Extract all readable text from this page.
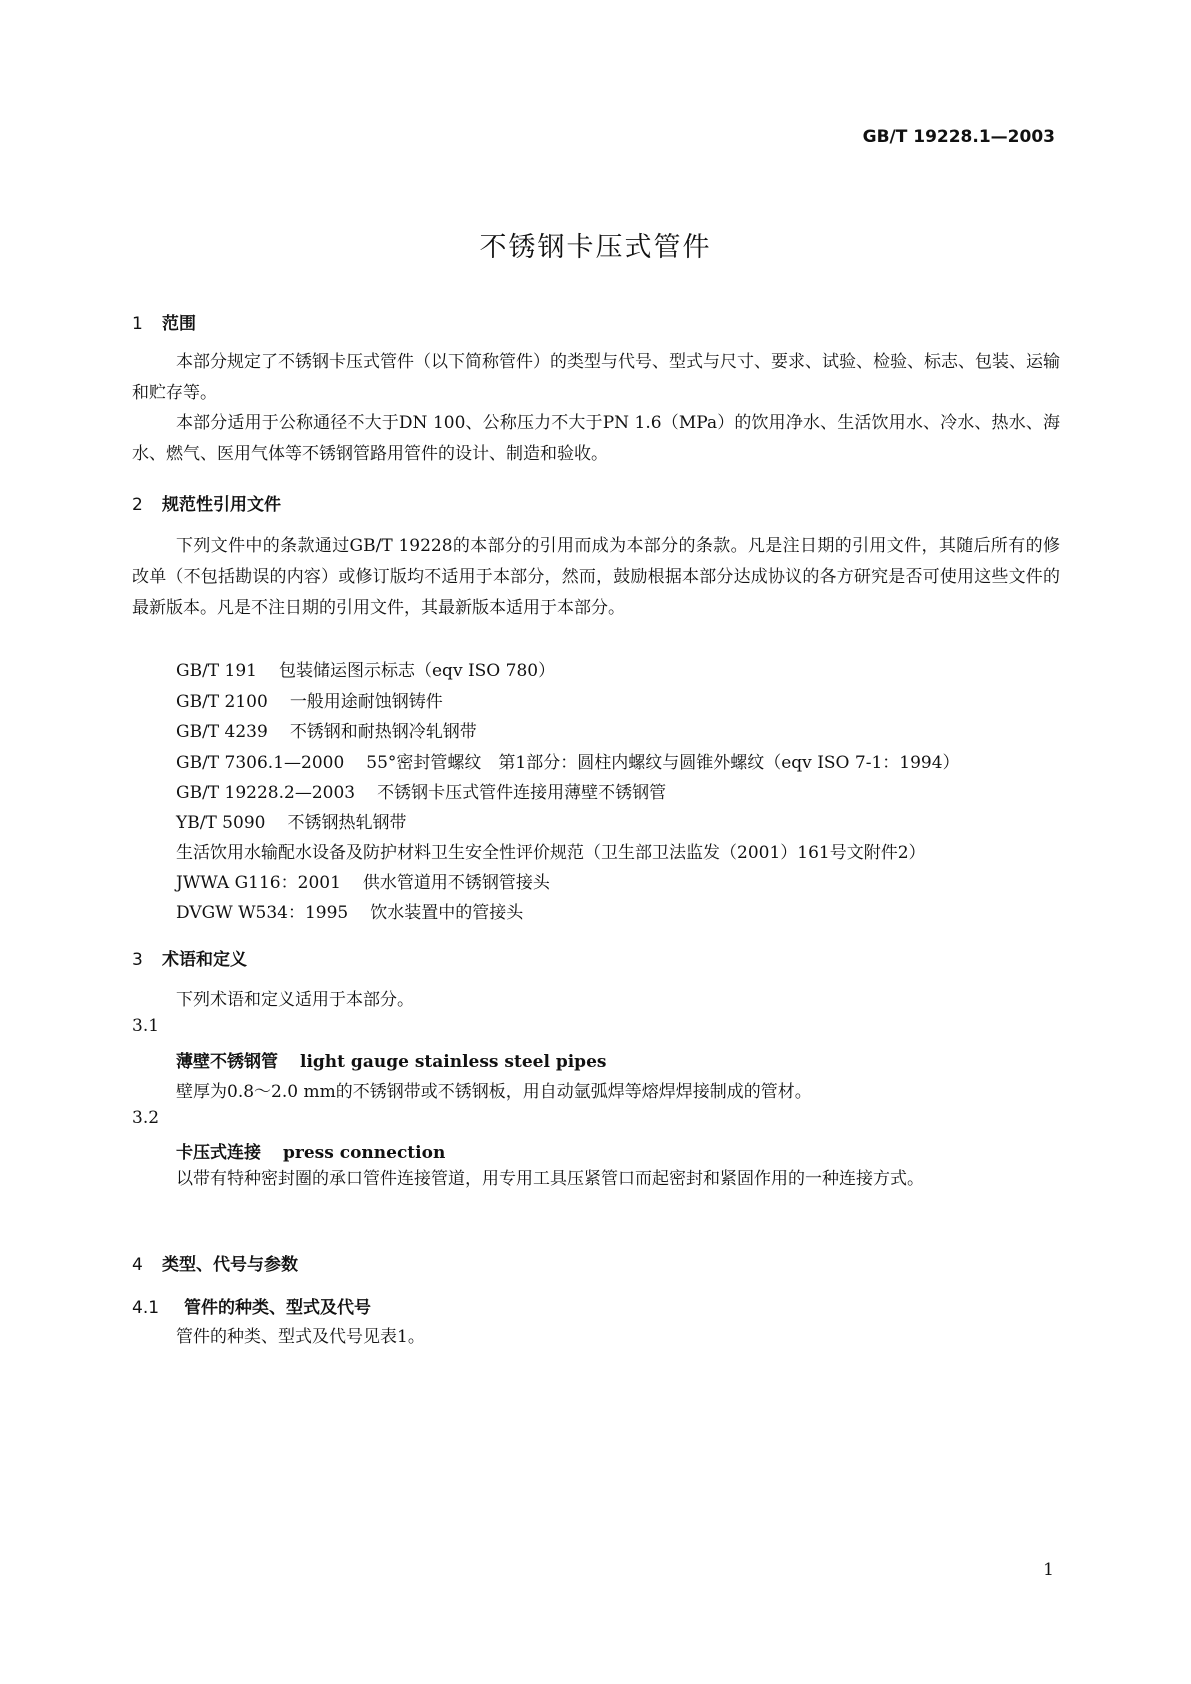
GB/T 19228.1—2003
不锈钢卡压式管件
1 范围
本部分规定了不锈钢卡压式管件（以下简称管件）的类型与代号、型式与尺寸、要求、试验、检验、标志、包装、运输和贮存等。
本部分适用于公称通径不大于DN 100、公称压力不大于PN 1.6（MPa）的饮用净水、生活饮用水、冷水、热水、海水、燃气、医用气体等不锈钢管路用管件的设计、制造和验收。
2 规范性引用文件
下列文件中的条款通过GB/T 19228的本部分的引用而成为本部分的条款。凡是注日期的引用文件，其随后所有的修改单（不包括勘误的内容）或修订版均不适用于本部分，然而，鼓励根据本部分达成协议的各方研究是否可使用这些文件的最新版本。凡是不注日期的引用文件，其最新版本适用于本部分。
GB/T 191 包装储运图示标志（eqv ISO 780）
GB/T 2100 一般用途耐蚀钢铸件
GB/T 4239 不锈钢和耐热钢冷轧钢带
GB/T 7306.1—2000 55°密封管螺纹　第1部分：圆柱内螺纹与圆锥外螺纹（eqv ISO 7-1：1994）
GB/T 19228.2—2003 不锈钢卡压式管件连接用薄壁不锈钢管
YB/T 5090 不锈钢热轧钢带
生活饮用水输配水设备及防护材料卫生安全性评价规范（卫生部卫法监发（2001）161号文附件2）
JWWA G116：2001 供水管道用不锈钢管接头
DVGW W534：1995 饮水装置中的管接头
3 术语和定义
下列术语和定义适用于本部分。
3.1
薄壁不锈钢管 light gauge stainless steel pipes
壁厚为0.8～2.0 mm的不锈钢带或不锈钢板，用自动氩弧焊等熔焊焊接制成的管材。
3.2
卡压式连接 press connection
以带有特种密封圈的承口管件连接管道，用专用工具压紧管口而起密封和紧固作用的一种连接方式。
4 类型、代号与参数
4.1 管件的种类、型式及代号
管件的种类、型式及代号见表1。
1
